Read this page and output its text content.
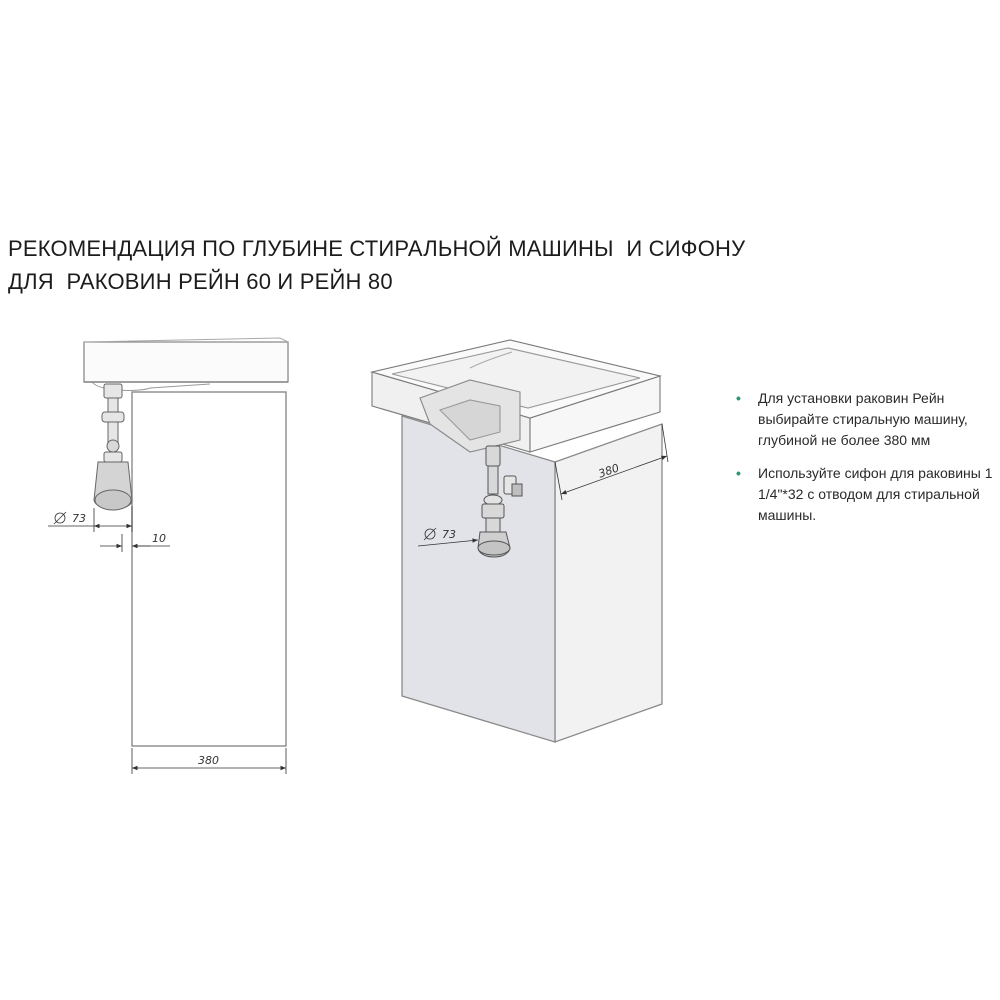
РЕКОМЕНДАЦИЯ ПО ГЛУБИНЕ СТИРАЛЬНОЙ МАШИНЫ  И СИФОНУ
ДЛЯ  РАКОВИН РЕЙН 60 И РЕЙН 80
73
10
380
73
380
• Для установки раковин Рейн выбирайте стиральную машину, глубиной не более 380 мм
• Используйте сифон для раковины 1 1/4"*32 с отводом для стиральной машины.
